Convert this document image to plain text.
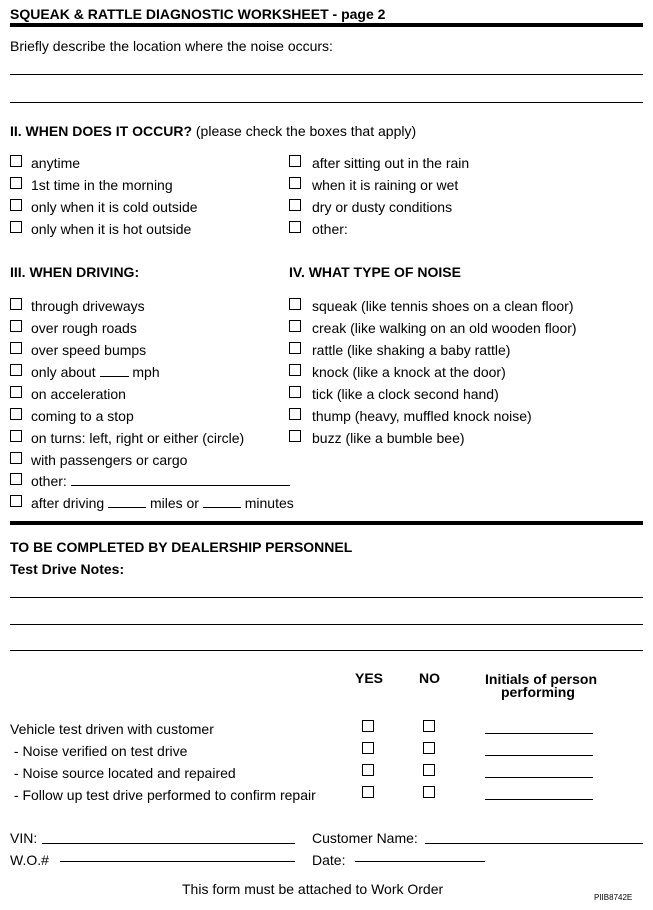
SQUEAK & RATTLE DIAGNOSTIC WORKSHEET - page 2
Briefly describe the location where the noise occurs:
II. WHEN DOES IT OCCUR? (please check the boxes that apply)
anytime
1st time in the morning
only when it is cold outside
only when it is hot outside
after sitting out in the rain
when it is raining or wet
dry or dusty conditions
other:
III. WHEN DRIVING:	IV. WHAT TYPE OF NOISE
through driveways
over rough roads
over speed bumps
only about	mph
on acceleration
coming to a stop
on turns: left, right or either (circle)
with passengers or cargo
other:
after driving	miles or	minutes
squeak (like tennis shoes on a clean floor)
creak (like walking on an old wooden floor)
rattle (like shaking a baby rattle)
knock (like a knock at the door)
tick (like a clock second hand)
thump (heavy, muffled knock noise)
buzz (like a bumble bee)
TO BE COMPLETED BY DEALERSHIP PERSONNEL
Test Drive Notes:
YES	NO	Initials of person
performing
Vehicle test driven with customer
- Noise verified on test drive
- Noise source located and repaired
- Follow up test drive performed to confirm repair
VIN:	Customer Name:
W.O.#	Date:
This form must be attached to Work Order
PIIB8742E
